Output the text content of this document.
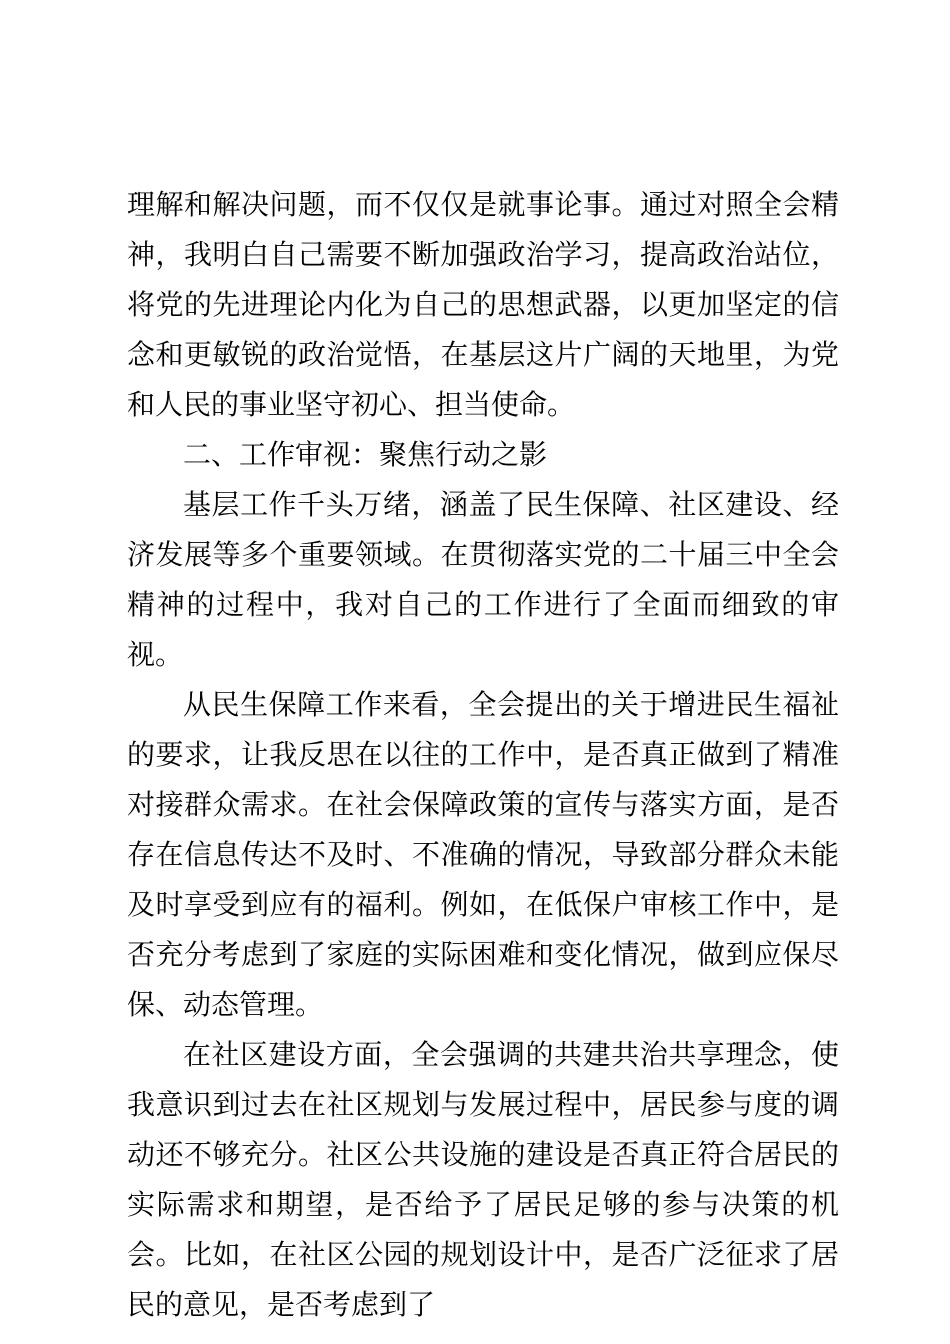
理解和解决问题，而不仅仅是就事论事。通过对照全会精神，我明白自己需要不断加强政治学习，提高政治站位，将党的先进理论内化为自己的思想武器，以更加坚定的信念和更敏锐的政治觉悟，在基层这片广阔的天地里，为党和人民的事业坚守初心、担当使命。

二、工作审视：聚焦行动之影

基层工作千头万绪，涵盖了民生保障、社区建设、经济发展等多个重要领域。在贯彻落实党的二十届三中全会精神的过程中，我对自己的工作进行了全面而细致的审视。

从民生保障工作来看，全会提出的关于增进民生福祉的要求，让我反思在以往的工作中，是否真正做到了精准对接群众需求。在社会保障政策的宣传与落实方面，是否存在信息传达不及时、不准确的情况，导致部分群众未能及时享受到应有的福利。例如，在低保户审核工作中，是否充分考虑到了家庭的实际困难和变化情况，做到应保尽保、动态管理。

在社区建设方面，全会强调的共建共治共享理念，使我意识到过去在社区规划与发展过程中，居民参与度的调动还不够充分。社区公共设施的建设是否真正符合居民的实际需求和期望，是否给予了居民足够的参与决策的机会。比如，在社区公园的规划设计中，是否广泛征求了居民的意见，是否考虑到了
